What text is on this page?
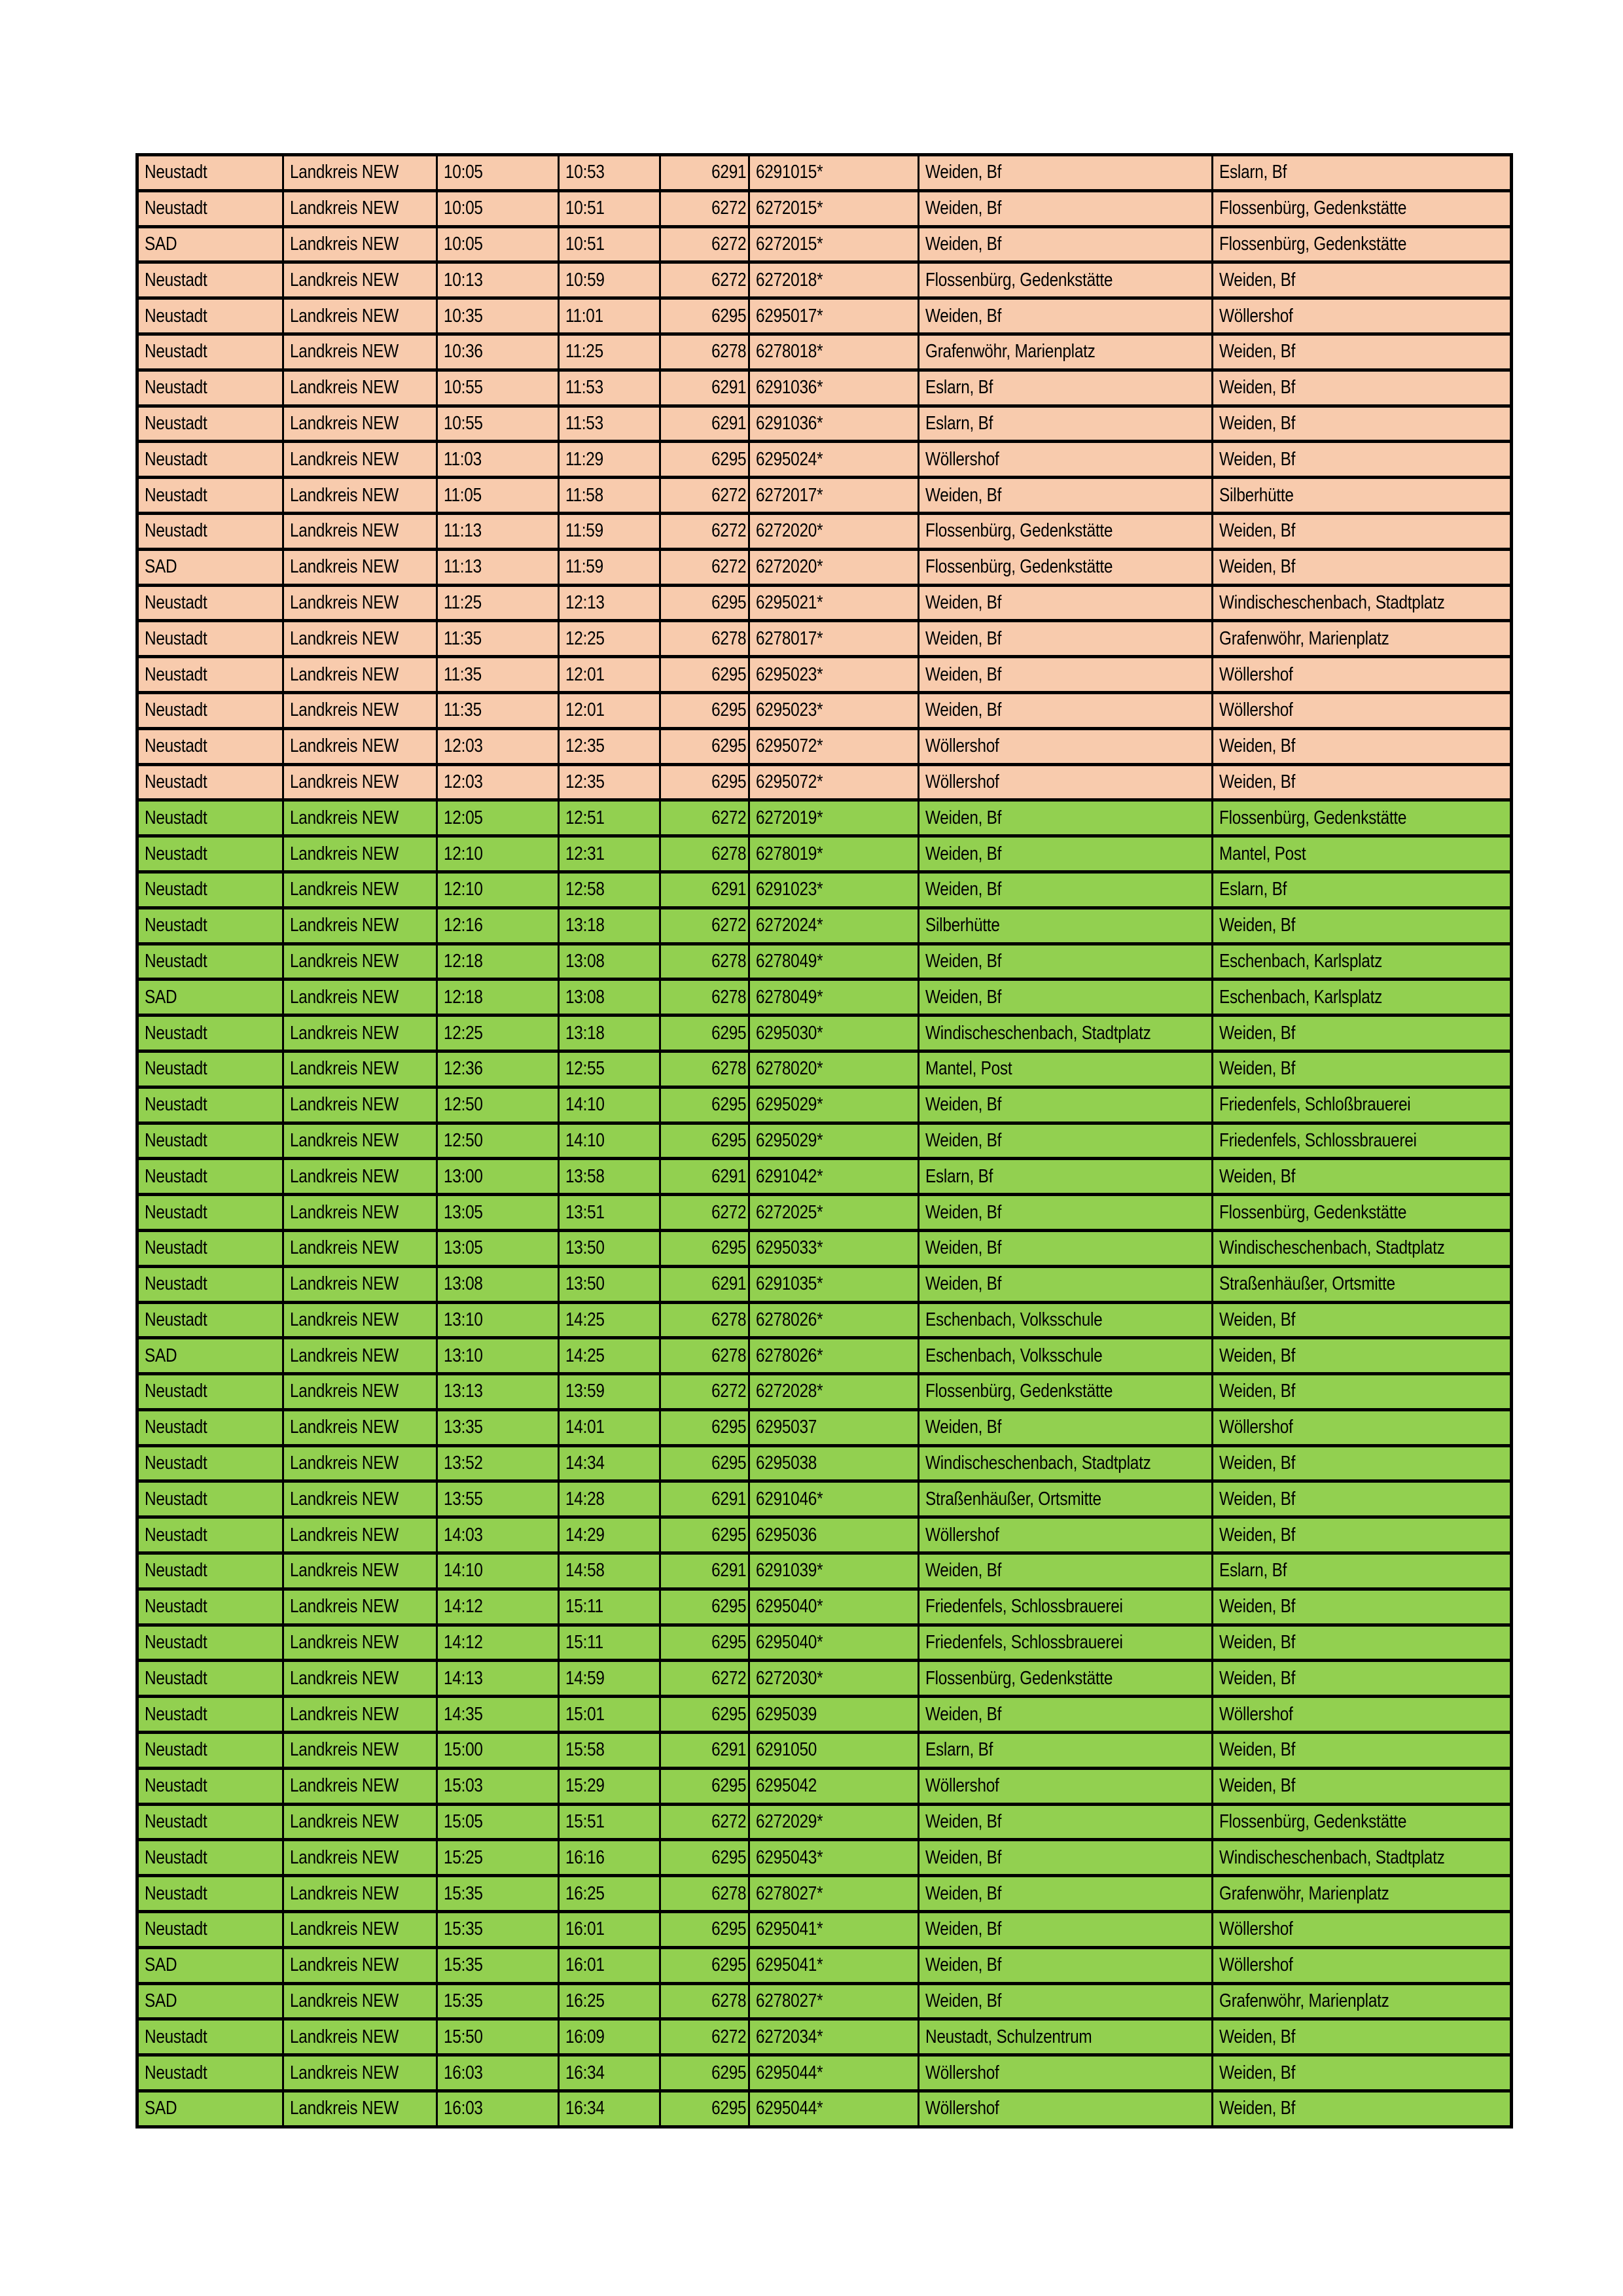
Neustadt	Landkreis NEW	10:05	10:53	6291	6291015*	Weiden, Bf	Eslarn, Bf
Neustadt	Landkreis NEW	10:05	10:51	6272	6272015*	Weiden, Bf	Flossenbürg, Gedenkstätte
SAD	Landkreis NEW	10:05	10:51	6272	6272015*	Weiden, Bf	Flossenbürg, Gedenkstätte
Neustadt	Landkreis NEW	10:13	10:59	6272	6272018*	Flossenbürg, Gedenkstätte	Weiden, Bf
Neustadt	Landkreis NEW	10:35	11:01	6295	6295017*	Weiden, Bf	Wöllershof
Neustadt	Landkreis NEW	10:36	11:25	6278	6278018*	Grafenwöhr, Marienplatz	Weiden, Bf
Neustadt	Landkreis NEW	10:55	11:53	6291	6291036*	Eslarn, Bf	Weiden, Bf
Neustadt	Landkreis NEW	10:55	11:53	6291	6291036*	Eslarn, Bf	Weiden, Bf
Neustadt	Landkreis NEW	11:03	11:29	6295	6295024*	Wöllershof	Weiden, Bf
Neustadt	Landkreis NEW	11:05	11:58	6272	6272017*	Weiden, Bf	Silberhütte
Neustadt	Landkreis NEW	11:13	11:59	6272	6272020*	Flossenbürg, Gedenkstätte	Weiden, Bf
SAD	Landkreis NEW	11:13	11:59	6272	6272020*	Flossenbürg, Gedenkstätte	Weiden, Bf
Neustadt	Landkreis NEW	11:25	12:13	6295	6295021*	Weiden, Bf	Windischeschenbach, Stadtplatz
Neustadt	Landkreis NEW	11:35	12:25	6278	6278017*	Weiden, Bf	Grafenwöhr, Marienplatz
Neustadt	Landkreis NEW	11:35	12:01	6295	6295023*	Weiden, Bf	Wöllershof
Neustadt	Landkreis NEW	11:35	12:01	6295	6295023*	Weiden, Bf	Wöllershof
Neustadt	Landkreis NEW	12:03	12:35	6295	6295072*	Wöllershof	Weiden, Bf
Neustadt	Landkreis NEW	12:03	12:35	6295	6295072*	Wöllershof	Weiden, Bf
Neustadt	Landkreis NEW	12:05	12:51	6272	6272019*	Weiden, Bf	Flossenbürg, Gedenkstätte
Neustadt	Landkreis NEW	12:10	12:31	6278	6278019*	Weiden, Bf	Mantel, Post
Neustadt	Landkreis NEW	12:10	12:58	6291	6291023*	Weiden, Bf	Eslarn, Bf
Neustadt	Landkreis NEW	12:16	13:18	6272	6272024*	Silberhütte	Weiden, Bf
Neustadt	Landkreis NEW	12:18	13:08	6278	6278049*	Weiden, Bf	Eschenbach, Karlsplatz
SAD	Landkreis NEW	12:18	13:08	6278	6278049*	Weiden, Bf	Eschenbach, Karlsplatz
Neustadt	Landkreis NEW	12:25	13:18	6295	6295030*	Windischeschenbach, Stadtplatz	Weiden, Bf
Neustadt	Landkreis NEW	12:36	12:55	6278	6278020*	Mantel, Post	Weiden, Bf
Neustadt	Landkreis NEW	12:50	14:10	6295	6295029*	Weiden, Bf	Friedenfels, Schloßbrauerei
Neustadt	Landkreis NEW	12:50	14:10	6295	6295029*	Weiden, Bf	Friedenfels, Schlossbrauerei
Neustadt	Landkreis NEW	13:00	13:58	6291	6291042*	Eslarn, Bf	Weiden, Bf
Neustadt	Landkreis NEW	13:05	13:51	6272	6272025*	Weiden, Bf	Flossenbürg, Gedenkstätte
Neustadt	Landkreis NEW	13:05	13:50	6295	6295033*	Weiden, Bf	Windischeschenbach, Stadtplatz
Neustadt	Landkreis NEW	13:08	13:50	6291	6291035*	Weiden, Bf	Straßenhäußer, Ortsmitte
Neustadt	Landkreis NEW	13:10	14:25	6278	6278026*	Eschenbach, Volksschule	Weiden, Bf
SAD	Landkreis NEW	13:10	14:25	6278	6278026*	Eschenbach, Volksschule	Weiden, Bf
Neustadt	Landkreis NEW	13:13	13:59	6272	6272028*	Flossenbürg, Gedenkstätte	Weiden, Bf
Neustadt	Landkreis NEW	13:35	14:01	6295	6295037	Weiden, Bf	Wöllershof
Neustadt	Landkreis NEW	13:52	14:34	6295	6295038	Windischeschenbach, Stadtplatz	Weiden, Bf
Neustadt	Landkreis NEW	13:55	14:28	6291	6291046*	Straßenhäußer, Ortsmitte	Weiden, Bf
Neustadt	Landkreis NEW	14:03	14:29	6295	6295036	Wöllershof	Weiden, Bf
Neustadt	Landkreis NEW	14:10	14:58	6291	6291039*	Weiden, Bf	Eslarn, Bf
Neustadt	Landkreis NEW	14:12	15:11	6295	6295040*	Friedenfels, Schlossbrauerei	Weiden, Bf
Neustadt	Landkreis NEW	14:12	15:11	6295	6295040*	Friedenfels, Schlossbrauerei	Weiden, Bf
Neustadt	Landkreis NEW	14:13	14:59	6272	6272030*	Flossenbürg, Gedenkstätte	Weiden, Bf
Neustadt	Landkreis NEW	14:35	15:01	6295	6295039	Weiden, Bf	Wöllershof
Neustadt	Landkreis NEW	15:00	15:58	6291	6291050	Eslarn, Bf	Weiden, Bf
Neustadt	Landkreis NEW	15:03	15:29	6295	6295042	Wöllershof	Weiden, Bf
Neustadt	Landkreis NEW	15:05	15:51	6272	6272029*	Weiden, Bf	Flossenbürg, Gedenkstätte
Neustadt	Landkreis NEW	15:25	16:16	6295	6295043*	Weiden, Bf	Windischeschenbach, Stadtplatz
Neustadt	Landkreis NEW	15:35	16:25	6278	6278027*	Weiden, Bf	Grafenwöhr, Marienplatz
Neustadt	Landkreis NEW	15:35	16:01	6295	6295041*	Weiden, Bf	Wöllershof
SAD	Landkreis NEW	15:35	16:01	6295	6295041*	Weiden, Bf	Wöllershof
SAD	Landkreis NEW	15:35	16:25	6278	6278027*	Weiden, Bf	Grafenwöhr, Marienplatz
Neustadt	Landkreis NEW	15:50	16:09	6272	6272034*	Neustadt, Schulzentrum	Weiden, Bf
Neustadt	Landkreis NEW	16:03	16:34	6295	6295044*	Wöllershof	Weiden, Bf
SAD	Landkreis NEW	16:03	16:34	6295	6295044*	Wöllershof	Weiden, Bf
